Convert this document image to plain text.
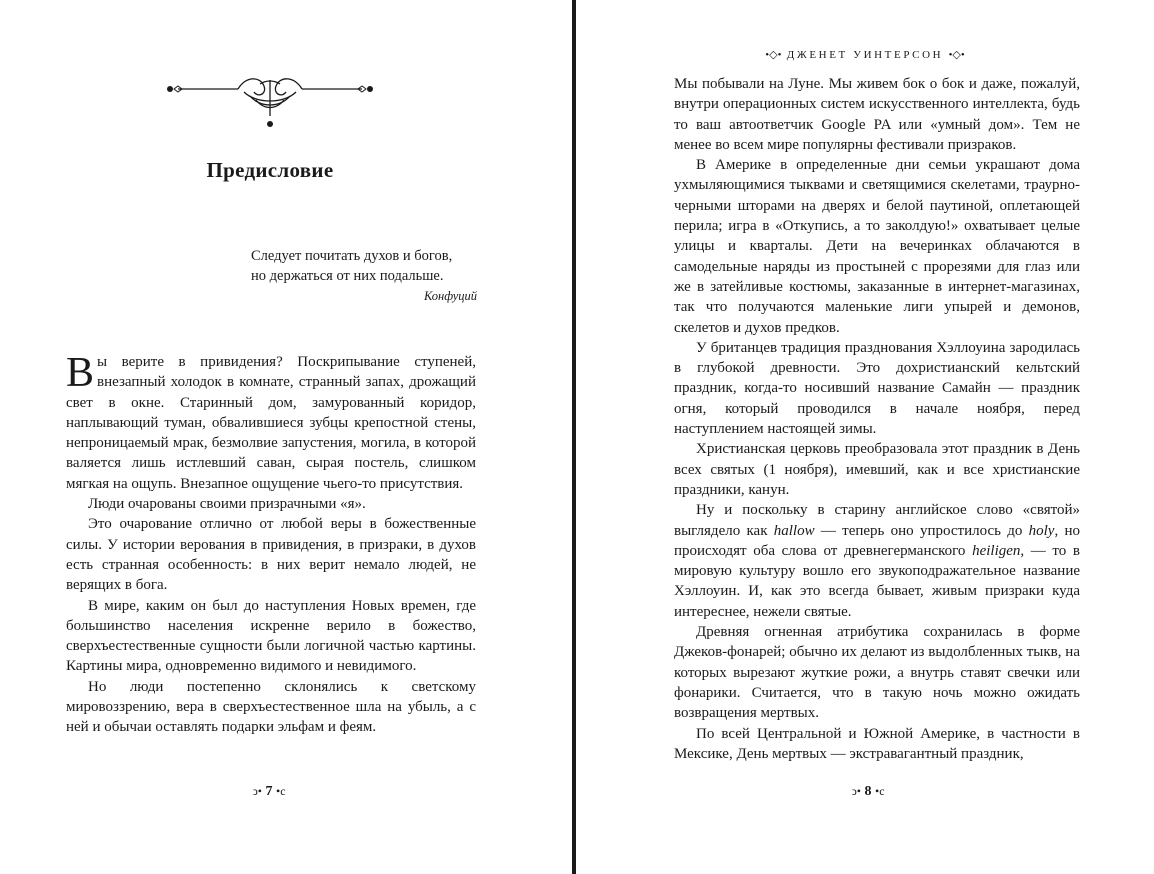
Предисловие
Следует почитать духов и богов,
но держаться от них подальше.
Конфуций

Вы верите в привидения? Поскрипывание ступеней, внезапный холодок в комнате, странный запах, дрожащий свет в окне. Старинный дом, замурованный коридор, наплывающий туман, обвалившиеся зубцы крепостной стены, непроницаемый мрак, безмолвие запустения, могила, в которой валяется лишь истлевший саван, сырая постель, слишком мягкая на ощупь. Внезапное ощущение чьего-то присутствия.

Люди очарованы своими призрачными «я».

Это очарование отлично от любой веры в божественные силы. У истории верования в привидения, в призраки, в духов есть странная особенность: в них верит немало людей, не верящих в бога.

В мире, каким он был до наступления Новых времен, где большинство населения искренне верило в божество, сверхъестественные сущности были логичной частью картины. Картины мира, одновременно видимого и невидимого.

Но люди постепенно склонялись к светскому мировоззрению, вера в сверхъестественное шла на убыль, а с ней и обычаи оставлять подарки эльфам и феям.

ↄ• 7 •c
•◇• ДЖЕНЕТ УИНТЕРСОН •◇•

Мы побывали на Луне. Мы живем бок о бок и даже, пожалуй, внутри операционных систем искусственного интеллекта, будь то ваш автоответчик Google PA или «умный дом». Тем не менее во всем мире популярны фестивали призраков.

В Америке в определенные дни семьи украшают дома ухмыляющимися тыквами и светящимися скелетами, траурно-черными шторами на дверях и белой паутиной, оплетающей перила; игра в «Откупись, а то заколдую!» охватывает целые улицы и кварталы. Дети на вечеринках облачаются в самодельные наряды из простыней с прорезями для глаз или же в затейливые костюмы, заказанные в интернет-магазинах, так что получаются маленькие лиги упырей и демонов, скелетов и духов предков.

У британцев традиция празднования Хэллоуина зародилась в глубокой древности. Это дохристианский кельтский праздник, когда-то носивший название Самайн — праздник огня, который проводился в начале ноября, перед наступлением настоящей зимы.

Христианская церковь преобразовала этот праздник в День всех святых (1 ноября), имевший, как и все христианские праздники, канун.

Ну и поскольку в старину английское слово «святой» выглядело как hallow — теперь оно упростилось до holy, но происходят оба слова от древнегерманского heiligen, — то в мировую культуру вошло его звукоподражательное название Хэллоуин. И, как это всегда бывает, живым призраки куда интереснее, нежели святые.

Древняя огненная атрибутика сохранилась в форме Джеков-фонарей; обычно их делают из выдолбленных тыкв, на которых вырезают жуткие рожи, а внутрь ставят свечки или фонарики. Считается, что в такую ночь можно ожидать возвращения мертвых.

По всей Центральной и Южной Америке, в частности в Мексике, День мертвых — экстравагантный праздник,

ↄ• 8 •c
